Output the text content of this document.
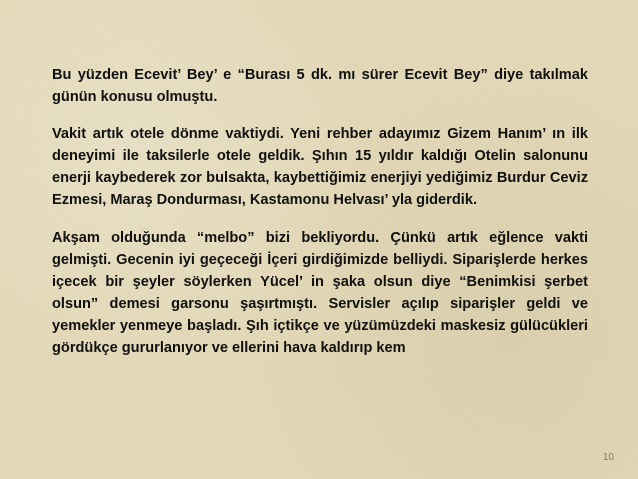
Bu yüzden Ecevit’ Bey’ e “Burası 5 dk. mı sürer Ecevit Bey” diye takılmak günün konusu olmuştu.

Vakit artık otele dönme vaktiydi. Yeni rehber adayımız Gizem Hanım’ ın ilk deneyimi ile taksilerle otele geldik. Şıhın 15 yıldır kaldığı Otelin salonunu enerji kaybederek zor bulsakta, kaybettiğimiz enerjiyi yediğimiz Burdur Ceviz Ezmesi, Maraş Dondurması, Kastamonu Helvası’ yla giderdik.

Akşam olduğunda “melbo” bizi bekliyordu. Çünkü artık eğlence vakti gelmişti. Gecenin iyi geçeceği İçeri girdiğimizde belliydi. Siparişlerde herkes içecek bir şeyler söylerken Yücel’ in şaka olsun diye “Benimkisi şerbet olsun” demesi garsonu şaşırtmıştı. Servisler açılıp siparişler geldi ve yemekler yenmeye başladı. Şıh içtikçe ve yüzümüzdeki maskesiz gülücükleri gördükçe gururlanıyor ve ellerini hava kaldırıp kem

10
